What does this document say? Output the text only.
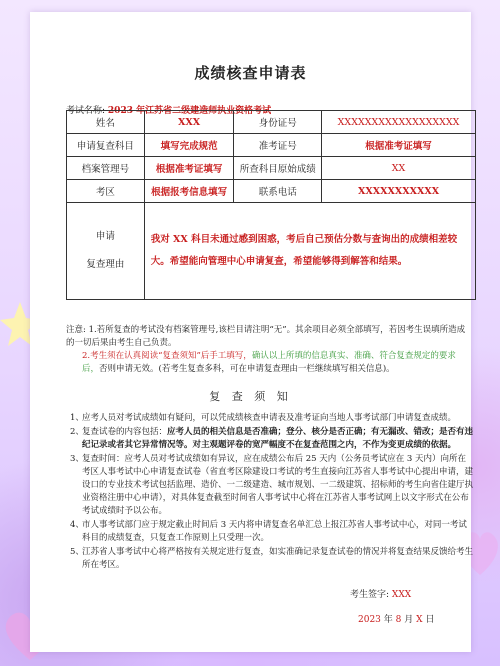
成绩核查申请表
考试名称: 2023 年江苏省二级建造师执业资格考试
姓名	XXX	身份证号	XXXXXXXXXXXXXXXXXX
申请复查科目	填写完成规范	准考证号	根据准考证填写
档案管理号	根据准考证填写	所查科目原始成绩	XX
考区	根据报考信息填写	联系电话	XXXXXXXXXXX

申请
复查理由	我对 XX 科目未通过感到困惑，考后自己预估分数与查询出的成绩相差较大。希望能向管理中心申请复查，希望能够得到解答和结果。		
注意: 1.若所复查的考试没有档案管理号,该栏目请注明“无”。其余项目必须全部填写，若因考生误填所造成的一切后果由考生自己负责。
2.考生须在认真阅读“复查须知”后手工填写，确认以上所填的信息真实、准确、符合复查规定的要求后，否则申请无效。(若考生复查多科，可在申请复查理由一栏继续填写相关信息)。
复 查 须 知
1、
应考人员对考试成绩如有疑问，可以凭成绩核查申请表及准考证向当地人事考试部门申请复查成绩。
2、
复查试卷的内容包括：应考人员的相关信息是否准确；登分、核分是否正确；有无漏改、错改；是否有违纪记录或者其它异常情况等。对主观题评卷的宽严幅度不在复查范围之内，不作为变更成绩的依据。
3、
复查时间：应考人员对考试成绩如有异议，应在成绩公布后 25 天内（公务员考试应在 3 天内）向所在考区人事考试中心申请复查试卷（省直考区除建设口考试的考生直接向江苏省人事考试中心提出申请，建设口的专业技术考试包括监理、造价、一二级建造、城市规划、一二级建筑、招标师的考生向省住建厅执业资格注册中心申请），对具体复查截至时间省人事考试中心将在江苏省人事考试网上以文字形式在公布考试成绩时予以公布。
4、
市人事考试部门应于规定截止时间后 3 天内将申请复查名单汇总上报江苏省人事考试中心，对同一考试科目的成绩复查，只复查工作原则上只受理一次。
5、
江苏省人事考试中心将严格按有关规定进行复查，如实准确记录复查试卷的情况并将复查结果反馈给考生所在考区。
考生签字: XXX
2023 年 8 月 X 日
